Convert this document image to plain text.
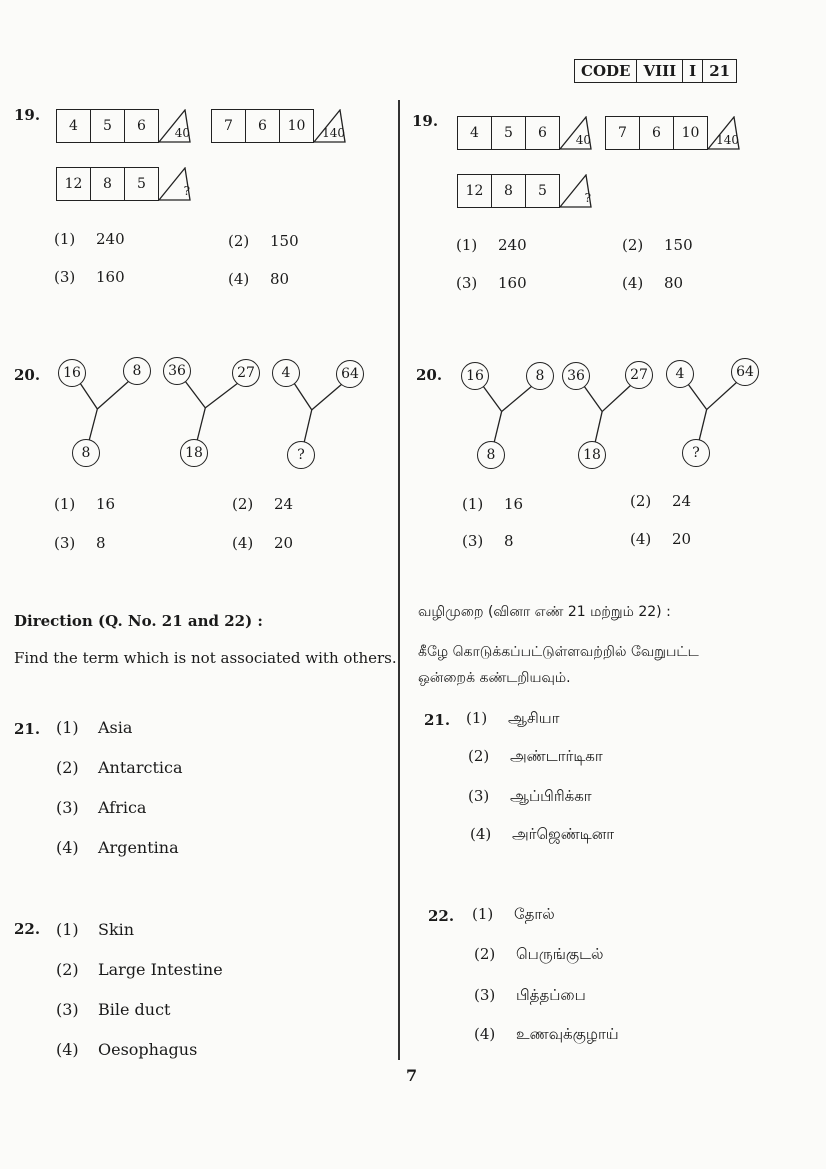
CODE VIII I 21
19.
4	5	6	40	7	6	10	140
12	8	5	?
(1) 240	(2) 150
(3) 160	(4) 80
20.	16	8
8
36	27
18
4	64
?
(1) 16	(2) 24
(3) 8	(4) 20
Direction (Q. No. 21 and 22) :
Find the term which is not associated with others.
21. (1) Asia
(2) Antarctica
(3) Africa
(4) Argentina
22. (1) Skin
(2) Large Intestine
(3) Bile duct
(4) Oesophagus
19.
4	5	6	40	7	6	10	140
12	8	5	?
(1) 240	(2) 150
(3) 160	(4) 80
20.	16	8
8
36	27
18
4	64
?
(1) 16	(2) 24
(3) 8	(4) 20
வழிமுறை (வினா எண் 21 மற்றும் 22) :
கீழே கொடுக்கப்பட்டுள்ளவற்றில் வேறுபட்ட
ஒன்றைக் கண்டறியவும்.
21. (1) ஆசியா
(2) அண்டார்டிகா
(3) ஆப்பிரிக்கா
(4) அர்ஜெண்டினா
22. (1) தோல்
(2) பெருங்குடல்
(3) பித்தப்பை
(4) உணவுக்குழாய்
7
